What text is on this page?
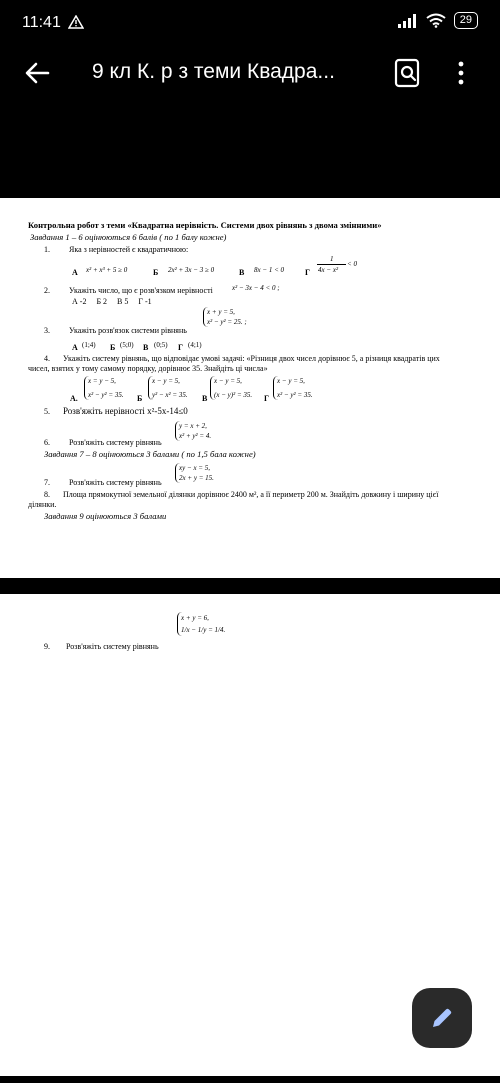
11:41	29
9 кл К. р з теми Квадра...
Контрольна робот з теми «Квадратна нерівність. Системи двох рівнянь з двома змінними»
Завдання 1 – 6 оцінюються 6 балів ( по 1 балу кожне)
1. Яка з нерівностей є квадратичною:
А x² + x³ + 5 ≥ 0	Б 2x² + 3x − 3 ≥ 0	В 8x − 1 < 0	Г
1
4x − x²
< 0
2. Укажіть число, що є розв'язком нерівності	x² − 3x − 4 < 0 ;
А -2     Б 2     В 5     Г -1
x + y = 5,
x² − y² = 25. ;
3. Укажіть розв'язок системи рівнянь
А (1;4) Б (5;0) В (0;5) Г (4;1)
4. Укажіть систему рівнянь, що відповідає умові задачі: «Різниця двох чисел дорівнює 5, а різниця квадратів цих
чисел, взятих у тому самому порядку, дорівнює 35. Знайдіть ці числа»
А.
x = y − 5,
x² − y² = 35. Б
x − y = 5,
y² − x² = 35. В
x − y = 5,
(x − y)² = 35. Г
x − y = 5,
x² − y² = 35.
5. Розв'яжіть нерівності x²-5x-14≤0
y = x + 2,
x² + y² = 4.
6. Розв'яжіть систему рівнянь
Завдання 7 – 8 оцінюються 3 балами ( по 1,5 бала кожне)
xy − x = 5,
2x + y = 15.
7. Розв'яжіть систему рівнянь
8. Площа прямокутної земельної ділянки дорівнює 2400 м², а її периметр 200 м. Знайдіть довжину і ширину цієї
ділянки.
Завдання 9 оцінюються 3 балами
x + y = 6,
1/x − 1/y = 1/4.
9. Розв'яжіть систему рівнянь
